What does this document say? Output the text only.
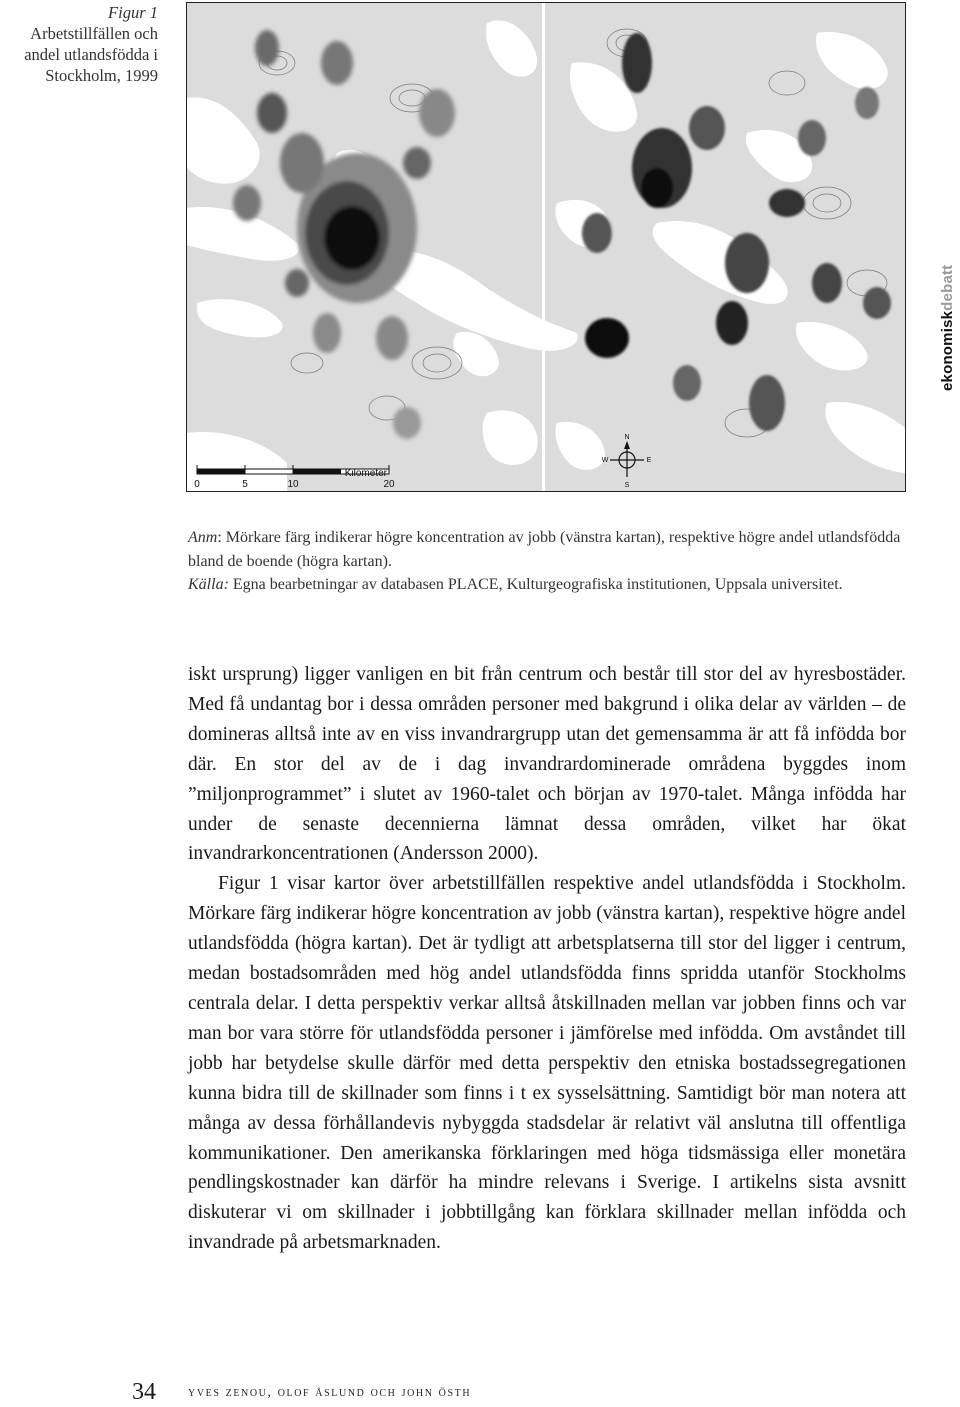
Figur 1
Arbetstillfällen och
andel utlandsfödda i
Stockholm, 1999
Kilometer
0	5	10	20
N
S
W	E
ekonomiskdebatt

Anm: Mörkare färg indikerar högre koncentration av jobb (vänstra kartan), respektive högre andel utlandsfödda bland de boende (högra kartan).

Källa: Egna bearbetningar av databasen PLACE, Kulturgeografiska institutionen, Uppsala universitet.

iskt ursprung) ligger vanligen en bit från centrum och består till stor del av hyresbostäder. Med få undantag bor i dessa områden personer med bakgrund i olika delar av världen – de domineras alltså inte av en viss invandrargrupp utan det gemensamma är att få infödda bor där. En stor del av de i dag invandrardominerade områdena byggdes inom ”miljonprogrammet” i slutet av 1960-talet och början av 1970-talet. Många infödda har under de senaste decennierna lämnat dessa områden, vilket har ökat invandrarkoncentrationen (Andersson 2000).

Figur 1 visar kartor över arbetstillfällen respektive andel utlandsfödda i Stockholm. Mörkare färg indikerar högre koncentration av jobb (vänstra kartan), respektive högre andel utlandsfödda (högra kartan). Det är tydligt att arbetsplatserna till stor del ligger i centrum, medan bostadsområden med hög andel utlandsfödda finns spridda utanför Stockholms centrala delar. I detta perspektiv verkar alltså åtskillnaden mellan var jobben finns och var man bor vara större för utlandsfödda personer i jämförelse med infödda. Om avståndet till jobb har betydelse skulle därför med detta perspektiv den etniska bostadssegregationen kunna bidra till de skillnader som finns i t ex sysselsättning. Samtidigt bör man notera att många av dessa förhållandevis nybyggda stadsdelar är relativt väl anslutna till offentliga kommunikationer. Den amerikanska förklaringen med höga tidsmässiga eller monetära pendlingskostnader kan därför ha mindre relevans i Sverige. I artikelns sista avsnitt diskuterar vi om skillnader i jobbtillgång kan förklara skillnader mellan infödda och invandrade på arbetsmarknaden.

34 yves zenou, olof åslund och john östh
